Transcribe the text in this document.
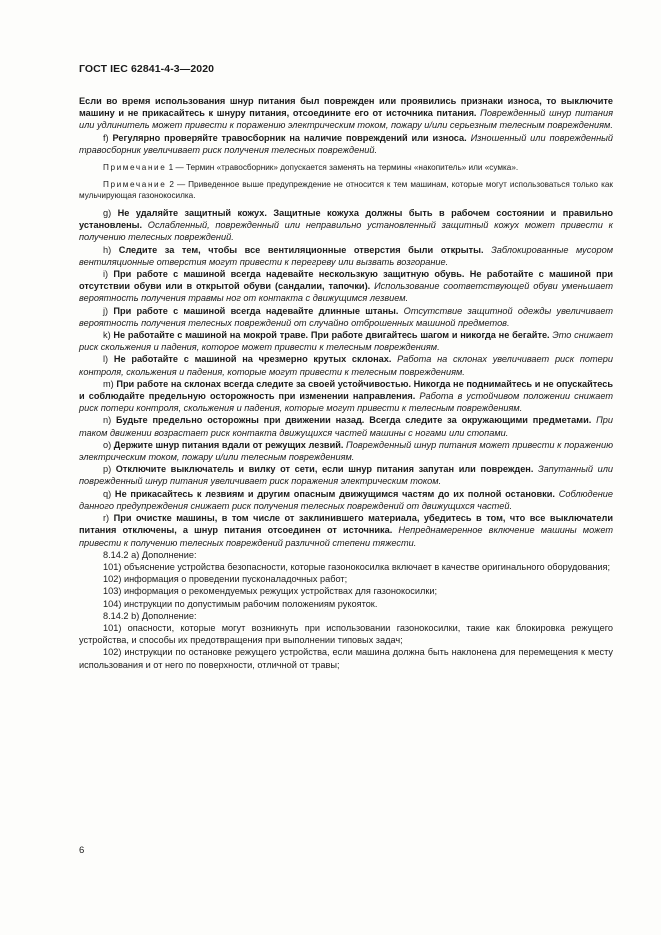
ГОСТ IEC 62841-4-3—2020

Если во время использования шнур питания был поврежден или проявились признаки износа, то выключите машину и не прикасайтесь к шнуру питания, отсоедините его от источника питания. Поврежденный шнур питания или удлинитель может привести к поражению электрическим током, пожару и/или серьезным телесным повреждениям.

f) Регулярно проверяйте травосборник на наличие повреждений или износа. Изношенный или поврежденный травосборник увеличивает риск получения телесных повреждений.

Примечание 1 — Термин «травосборник» допускается заменять на термины «накопитель» или «сумка».

Примечание 2 — Приведенное выше предупреждение не относится к тем машинам, которые могут использоваться только как мульчирующая газонокосилка.

g) Не удаляйте защитный кожух. Защитные кожуха должны быть в рабочем состоянии и правильно установлены. Ослабленный, поврежденный или неправильно установленный защитный кожух может привести к получению телесных повреждений.

h) Следите за тем, чтобы все вентиляционные отверстия были открыты. Заблокированные мусором вентиляционные отверстия могут привести к перегреву или вызвать возгорание.

i) При работе с машиной всегда надевайте нескользкую защитную обувь. Не работайте с машиной при отсутствии обуви или в открытой обуви (сандалии, тапочки). Использование соответствующей обуви уменьшает вероятность получения травмы ног от контакта с движущимся лезвием.

j) При работе с машиной всегда надевайте длинные штаны. Отсутствие защитной одежды увеличивает вероятность получения телесных повреждений от случайно отброшенных машиной предметов.

k) Не работайте с машиной на мокрой траве. При работе двигайтесь шагом и никогда не бегайте. Это снижает риск скольжения и падения, которое может привести к телесным повреждениям.

l) Не работайте с машиной на чрезмерно крутых склонах. Работа на склонах увеличивает риск потери контроля, скольжения и падения, которые могут привести к телесным повреждениям.

m) При работе на склонах всегда следите за своей устойчивостью. Никогда не поднимайтесь и не опускайтесь и соблюдайте предельную осторожность при изменении направления. Работа в устойчивом положении снижает риск потери контроля, скольжения и падения, которые могут привести к телесным повреждениям.

n) Будьте предельно осторожны при движении назад. Всегда следите за окружающими предметами. При таком движении возрастает риск контакта движущихся частей машины с ногами или стопами.

o) Держите шнур питания вдали от режущих лезвий. Поврежденный шнур питания может привести к поражению электрическим током, пожару и/или телесным повреждениям.

p) Отключите выключатель и вилку от сети, если шнур питания запутан или поврежден. Запутанный или поврежденный шнур питания увеличивает риск поражения электрическим током.

q) Не прикасайтесь к лезвиям и другим опасным движущимся частям до их полной остановки. Соблюдение данного предупреждения снижает риск получения телесных повреждений от движущихся частей.

r) При очистке машины, в том числе от заклинившего материала, убедитесь в том, что все выключатели питания отключены, а шнур питания отсоединен от источника. Непреднамеренное включение машины может привести к получению телесных повреждений различной степени тяжести.

8.14.2 a) Дополнение:

101) объяснение устройства безопасности, которые газонокосилка включает в качестве оригинального оборудования;

102) информация о проведении пусконаладочных работ;

103) информация о рекомендуемых режущих устройствах для газонокосилки;

104) инструкции по допустимым рабочим положениям рукояток.

8.14.2 b) Дополнение:

101) опасности, которые могут возникнуть при использовании газонокосилки, такие как блокировка режущего устройства, и способы их предотвращения при выполнении типовых задач;

102) инструкции по остановке режущего устройства, если машина должна быть наклонена для перемещения к месту использования и от него по поверхности, отличной от травы;

6
